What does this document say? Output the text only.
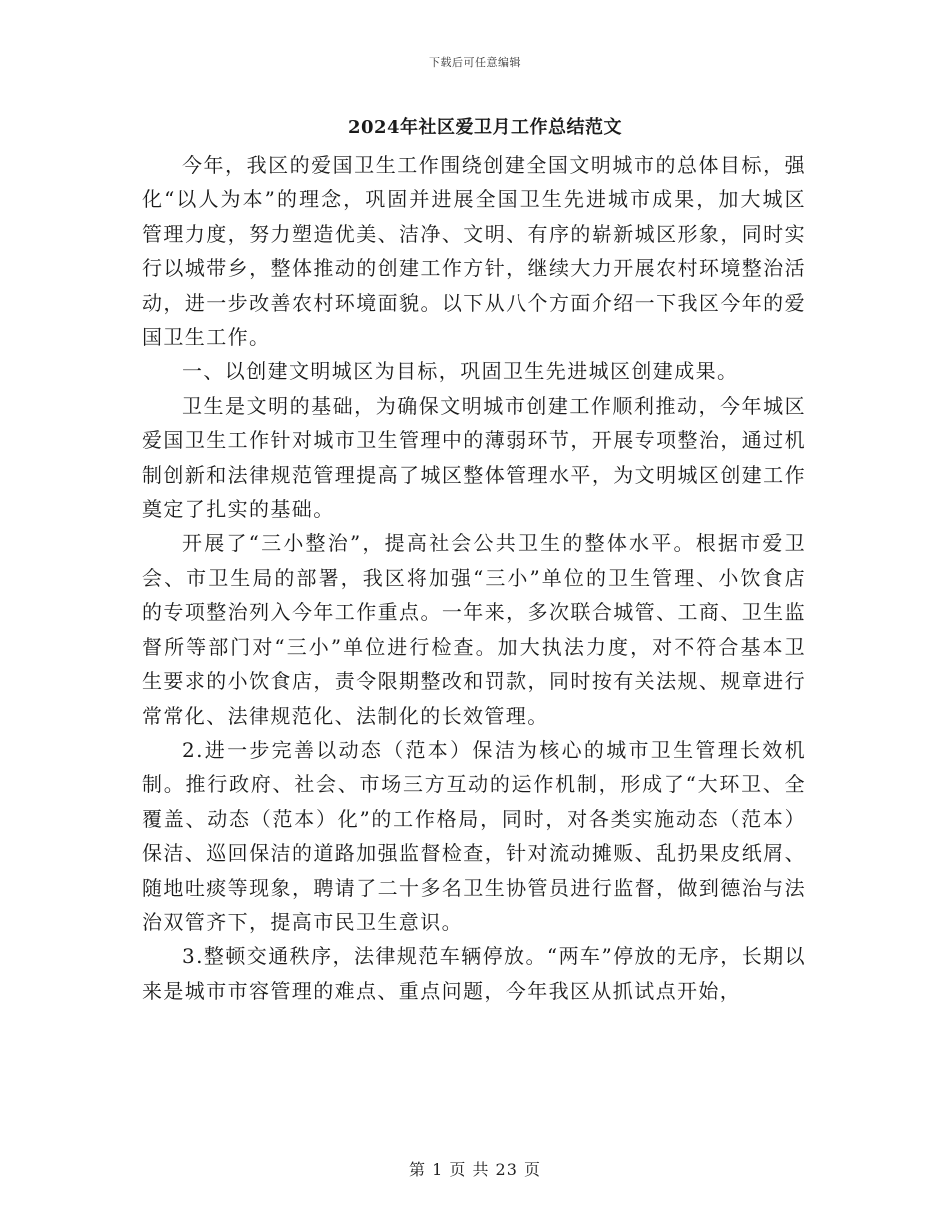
下载后可任意编辑
2024年社区爱卫月工作总结范文

今年，我区的爱国卫生工作围绕创建全国文明城市的总体目标，强化“以人为本”的理念，巩固并进展全国卫生先进城市成果，加大城区管理力度，努力塑造优美、洁净、文明、有序的崭新城区形象，同时实行以城带乡，整体推动的创建工作方针，继续大力开展农村环境整治活动，进一步改善农村环境面貌。以下从八个方面介绍一下我区今年的爱国卫生工作。

一、以创建文明城区为目标，巩固卫生先进城区创建成果。

卫生是文明的基础，为确保文明城市创建工作顺利推动，今年城区爱国卫生工作针对城市卫生管理中的薄弱环节，开展专项整治，通过机制创新和法律规范管理提高了城区整体管理水平，为文明城区创建工作奠定了扎实的基础。

开展了“三小整治”，提高社会公共卫生的整体水平。根据市爱卫会、市卫生局的部署，我区将加强“三小”单位的卫生管理、小饮食店的专项整治列入今年工作重点。一年来，多次联合城管、工商、卫生监督所等部门对“三小”单位进行检查。加大执法力度，对不符合基本卫生要求的小饮食店，责令限期整改和罚款，同时按有关法规、规章进行常常化、法律规范化、法制化的长效管理。

2.进一步完善以动态（范本）保洁为核心的城市卫生管理长效机制。推行政府、社会、市场三方互动的运作机制，形成了“大环卫、全覆盖、动态（范本）化”的工作格局，同时，对各类实施动态（范本）保洁、巡回保洁的道路加强监督检查，针对流动摊贩、乱扔果皮纸屑、随地吐痰等现象，聘请了二十多名卫生协管员进行监督，做到德治与法治双管齐下，提高市民卫生意识。

3.整顿交通秩序，法律规范车辆停放。“两车”停放的无序，长期以来是城市市容管理的难点、重点问题，今年我区从抓试点开始，

第 1 页 共 23 页
